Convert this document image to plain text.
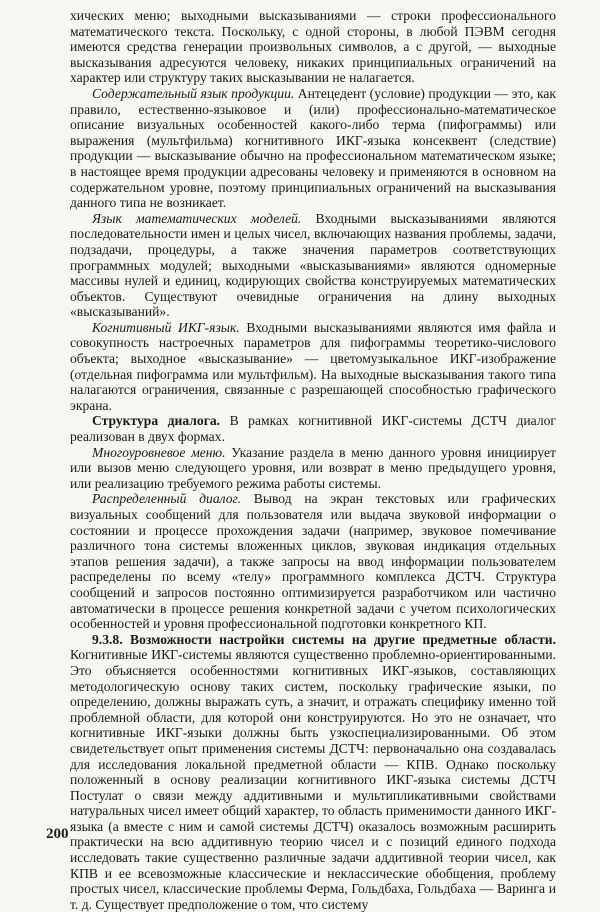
хических меню; выходными высказываниями — строки профессионального математического текста. Поскольку, с одной стороны, в любой ПЭВМ сегодня имеются средства генерации произвольных символов, а с другой, — выходные высказывания адресуются человеку, никаких принципиальных ограничений на характер или структуру таких высказывании не налагается.

Содержательный язык продукции. Антецедент (условие) продукции — это, как правило, естественно-языковое и (или) профессионально-математическое описание визуальных особенностей какого-либо терма (пифограммы) или выражения (мультфильма) когнитивного ИКГ-языка консеквент (следствие) продукции — высказывание обычно на профессиональном математическом языке; в настоящее время продукции адресованы человеку и применяются в основном на содержательном уровне, поэтому принципиальных ограничений на высказывания данного типа не возникает.

Язык математических моделей. Входными высказываниями являются последовательности имен и целых чисел, включающих названия проблемы, задачи, подзадачи, процедуры, а также значения параметров соответствующих программных модулей; выходными «высказываниями» являются одномерные массивы нулей и единиц, кодирующих свойства конструируемых математических объектов. Существуют очевидные ограничения на длину выходных «высказываний».

Когнитивный ИКГ-язык. Входными высказываниями являются имя файла и совокупность настроечных параметров для пифограммы теоретико-числового объекта; выходное «высказывание» — цветомузыкальное ИКГ-изображение (отдельная пифограмма или мультфильм). На выходные высказывания такого типа налагаются ограничения, связанные с разрешающей способностью графического экрана.

Структура диалога. В рамках когнитивной ИКГ-системы ДСТЧ диалог реализован в двух формах.

Многоуровневое меню. Указание раздела в меню данного уровня инициирует или вызов меню следующего уровня, или возврат в меню предыдущего уровня, или реализацию требуемого режима работы системы.

Распределенный диалог. Вывод на экран текстовых или графических визуальных сообщений для пользователя или выдача звуковой информации о состоянии и процессе прохождения задачи (например, звуковое помечивание различного тона системы вложенных циклов, звуковая индикация отдельных этапов решения задачи), а также запросы на ввод информации пользователем распределены по всему «телу» программного комплекса ДСТЧ. Структура сообщений и запросов постоянно оптимизируется разработчиком или частично автоматически в процессе решения конкретной задачи с учетом психологических особенностей и уровня профессиональной подготовки конкретного КП.

9.3.8. Возможности настройки системы на другие предметные области. Когнитивные ИКГ-системы являются существенно проблемно-ориентированными. Это объясняется особенностями когнитивных ИКГ-языков, составляющих методологическую основу таких систем, поскольку графические языки, по определению, должны выражать суть, а значит, и отражать специфику именно той проблемной области, для которой они конструируются. Но это не означает, что когнитивные ИКГ-языки должны быть узкоспециализированными. Об этом свидетельствует опыт применения системы ДСТЧ: первоначально она создавалась для исследования локальной предметной области — КПВ. Однако поскольку положенный в основу реализации когнитивного ИКГ-языка системы ДСТЧ Постулат о связи между аддитивными и мультипликативными свойствами натуральных чисел имеет общий характер, то область применимости данного ИКГ-языка (а вместе с ним и самой системы ДСТЧ) оказалось возможным расширить практически на всю аддитивную теорию чисел и с позиций единого подхода исследовать такие существенно различные задачи аддитивной теории чисел, как КПВ и ее всевозможные классические и неклассические обобщения, проблему простых чисел, классические проблемы Ферма, Гольдбаха, Гольдбаха — Варинга и т. д. Существует предположение о том, что систему

200
